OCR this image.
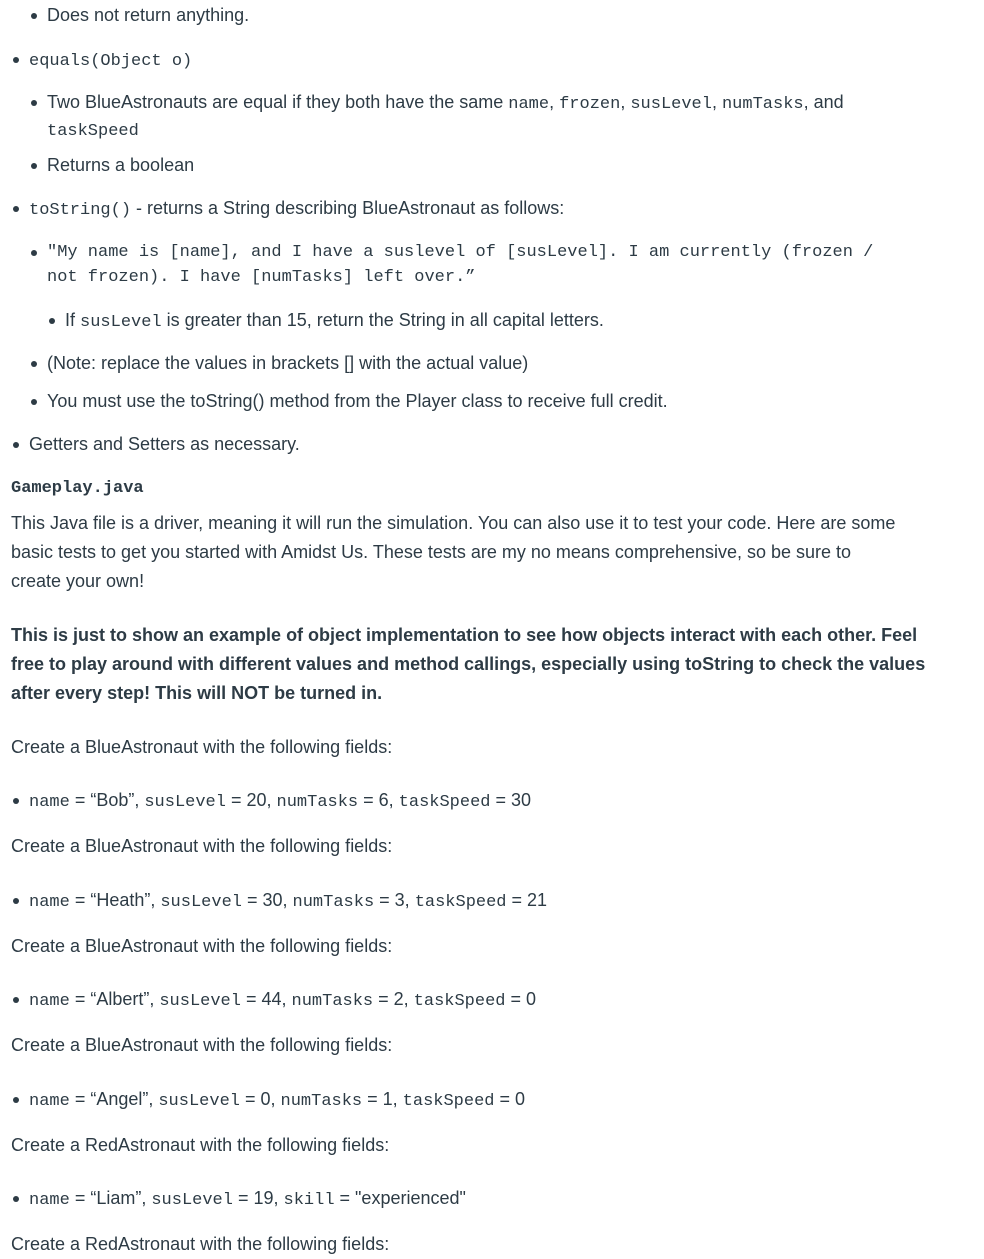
Does not return anything.
equals(Object o)
Two BlueAstronauts are equal if they both have the same name, frozen, susLevel, numTasks, and
taskSpeed
Returns a boolean
toString() - returns a String describing BlueAstronaut as follows:
"My name is [name], and I have a suslevel of [susLevel]. I am currently (frozen /
not frozen). I have [numTasks] left over.”
If susLevel is greater than 15, return the String in all capital letters.
(Note: replace the values in brackets [] with the actual value)
You must use the toString() method from the Player class to receive full credit.
Getters and Setters as necessary.
Gameplay.java
This Java file is a driver, meaning it will run the simulation. You can also use it to test your code. Here are some
basic tests to get you started with Amidst Us. These tests are my no means comprehensive, so be sure to
create your own!
This is just to show an example of object implementation to see how objects interact with each other. Feel
free to play around with different values and method callings, especially using toString to check the values
after every step! This will NOT be turned in.
Create a BlueAstronaut with the following fields:
name = “Bob”, susLevel = 20, numTasks = 6, taskSpeed = 30
Create a BlueAstronaut with the following fields:
name = “Heath”, susLevel = 30, numTasks = 3, taskSpeed = 21
Create a BlueAstronaut with the following fields:
name = “Albert”, susLevel = 44, numTasks = 2, taskSpeed = 0
Create a BlueAstronaut with the following fields:
name = “Angel”, susLevel = 0, numTasks = 1, taskSpeed = 0
Create a RedAstronaut with the following fields:
name = “Liam”, susLevel = 19, skill = "experienced"
Create a RedAstronaut with the following fields:
